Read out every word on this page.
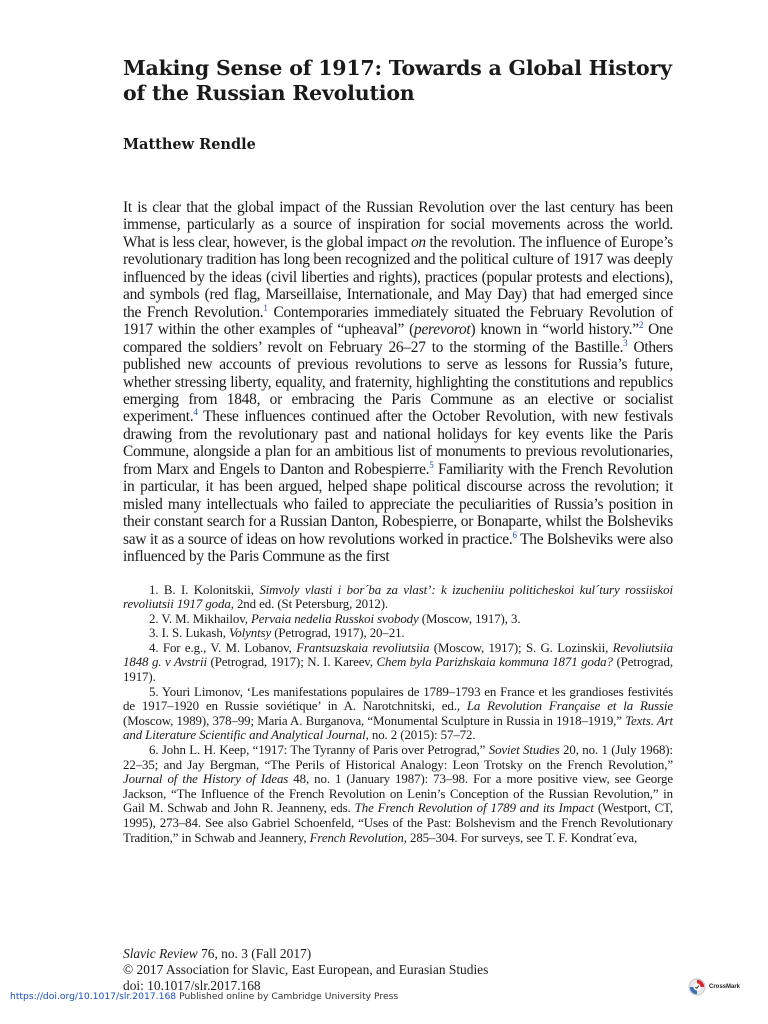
Making Sense of 1917: Towards a Global History of the Russian Revolution

Matthew Rendle

It is clear that the global impact of the Russian Revolution over the last century has been immense, particularly as a source of inspiration for social movements across the world. What is less clear, however, is the global impact on the revolution. The influence of Europe’s revolutionary tradition has long been recognized and the political culture of 1917 was deeply influenced by the ideas (civil liberties and rights), practices (popular protests and elections), and symbols (red flag, Marseillaise, Internationale, and May Day) that had emerged since the French Revolution.$^1$ Contemporaries immediately situated the February Revolution of 1917 within the other examples of “upheaval” (perevorot) known in “world history.”$^2$ One compared the soldiers’ revolt on February 26–27 to the storming of the Bastille.$^3$ Others published new accounts of previous revolutions to serve as lessons for Russia’s future, whether stressing liberty, equality, and fraternity, highlighting the constitutions and republics emerging from 1848, or embracing the Paris Commune as an elective or socialist experiment.$^4$ These influences continued after the October Revolution, with new festivals drawing from the revolutionary past and national holidays for key events like the Paris Commune, alongside a plan for an ambitious list of monuments to previous revolutionaries, from Marx and Engels to Danton and Robespierre.$^5$ Familiarity with the French Revolution in particular, it has been argued, helped shape political discourse across the revolution; it misled many intellectuals who failed to appreciate the peculiarities of Russia’s position in their constant search for a Russian Danton, Robespierre, or Bonaparte, whilst the Bolsheviks saw it as a source of ideas on how revolutions worked in practice.$^6$ The Bolsheviks were also influenced by the Paris Commune as the first

1. B. I. Kolonitskii, Simvoly vlasti i bor´ba za vlast’: k izucheniiu politicheskoi kul´tury rossiiskoi revoliutsii 1917 goda, 2nd ed. (St Petersburg, 2012).

2. V. M. Mikhailov, Pervaia nedelia Russkoi svobody (Moscow, 1917), 3.

3. I. S. Lukash, Volyntsy (Petrograd, 1917), 20–21.

4. For e.g., V. M. Lobanov, Frantsuzskaia revoliutsiia (Moscow, 1917); S. G. Lozinskii, Revoliutsiia 1848 g. v Avstrii (Petrograd, 1917); N. I. Kareev, Chem byla Parizhskaia kommuna 1871 goda? (Petrograd, 1917).

5. Youri Limonov, ‘Les manifestations populaires de 1789–1793 en France et les grandioses festivités de 1917–1920 en Russie soviétique’ in A. Narotchnitski, ed., La Revolution Française et la Russie (Moscow, 1989), 378–99; Maria A. Burganova, “Monumental Sculpture in Russia in 1918–1919,” Texts. Art and Literature Scientific and Analytical Journal, no. 2 (2015): 57–72.

6. John L. H. Keep, “1917: The Tyranny of Paris over Petrograd,” Soviet Studies 20, no. 1 (July 1968): 22–35; and Jay Bergman, “The Perils of Historical Analogy: Leon Trotsky on the French Revolution,” Journal of the History of Ideas 48, no. 1 (January 1987): 73–98. For a more positive view, see George Jackson, “The Influence of the French Revolution on Lenin’s Conception of the Russian Revolution,” in Gail M. Schwab and John R. Jeanneny, eds. The French Revolution of 1789 and its Impact (Westport, CT, 1995), 273–84. See also Gabriel Schoenfeld, “Uses of the Past: Bolshevism and the French Revolutionary Tradition,” in Schwab and Jeannery, French Revolution, 285–304. For surveys, see T. F. Kondrat´eva,

Slavic Review 76, no. 3 (Fall 2017)
© 2017 Association for Slavic, East European, and Eurasian Studies
doi: 10.1017/slr.2017.168
https://doi.org/10.1017/slr.2017.168 Published online by Cambridge University Press
CrossMark
